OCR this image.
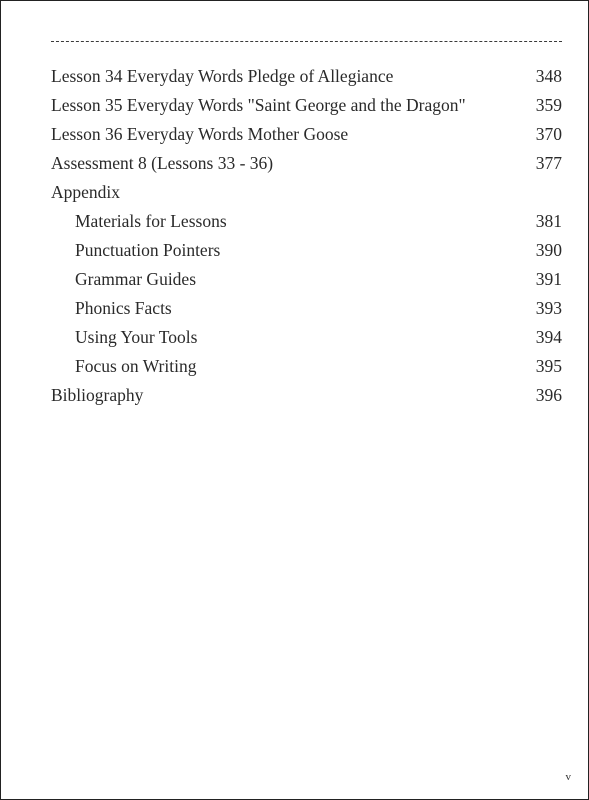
Lesson 34 Everyday Words Pledge of Allegiance	348
Lesson 35 Everyday Words "Saint George and the Dragon"	359
Lesson 36 Everyday Words Mother Goose	370
Assessment 8 (Lessons 33 - 36)	377
Appendix
Materials for Lessons	381
Punctuation Pointers	390
Grammar Guides	391
Phonics Facts	393
Using Your Tools	394
Focus on Writing	395
Bibliography	396
v
